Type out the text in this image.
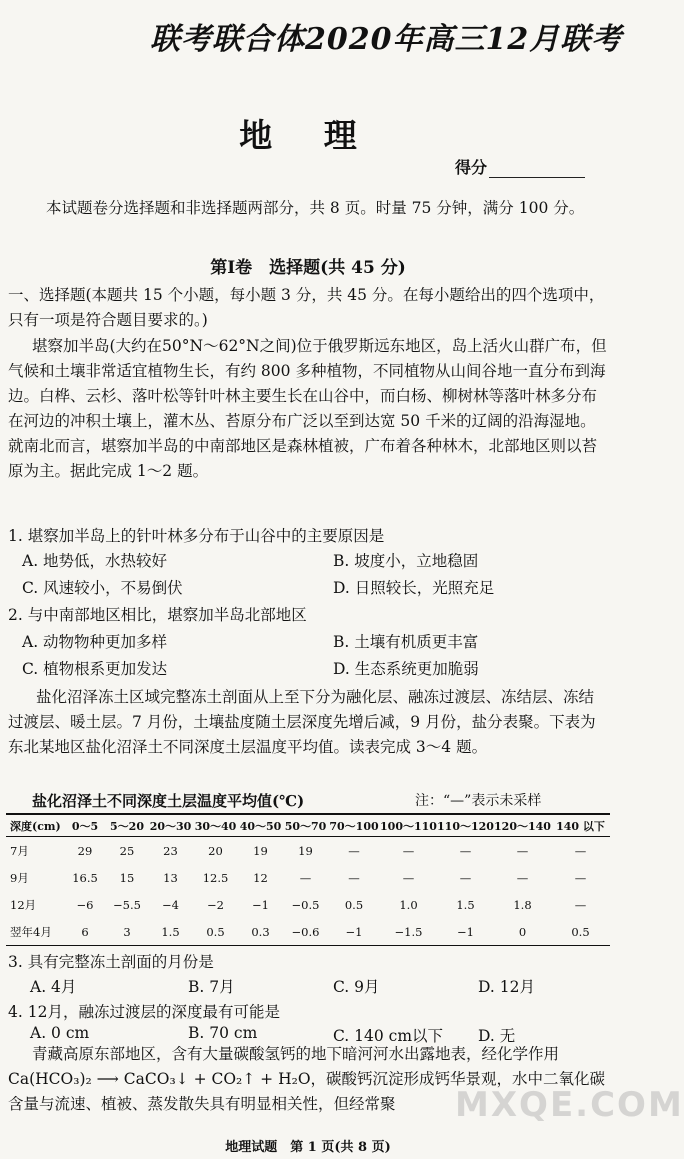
联考联合体2020年高三12月联考
地 理
得分
本试题卷分选择题和非选择题两部分，共 8 页。时量 75 分钟，满分 100 分。
第Ⅰ卷　选择题(共 45 分)
一、选择题(本题共 15 个小题，每小题 3 分，共 45 分。在每小题给出的四个选项中，只有一项是符合题目要求的。)
堪察加半岛(大约在50°N～62°N之间)位于俄罗斯远东地区，岛上活火山群广布，但气候和土壤非常适宜植物生长，有约 800 多种植物，不同植物从山间谷地一直分布到海边。白桦、云杉、落叶松等针叶林主要生长在山谷中，而白杨、柳树林等落叶林多分布在河边的冲积土壤上，灌木丛、苔原分布广泛以至到达宽 50 千米的辽阔的沿海湿地。就南北而言，堪察加半岛的中南部地区是森林植被，广布着各种林木，北部地区则以苔原为主。据此完成 1～2 题。
1. 堪察加半岛上的针叶林多分布于山谷中的主要原因是
A. 地势低，水热较好	B. 坡度小，立地稳固
C. 风速较小，不易倒伏	D. 日照较长，光照充足
2. 与中南部地区相比，堪察加半岛北部地区
A. 动物物种更加多样	B. 土壤有机质更丰富
C. 植物根系更加发达	D. 生态系统更加脆弱
盐化沼泽冻土区域完整冻土剖面从上至下分为融化层、融冻过渡层、冻结层、冻结过渡层、暖土层。7 月份，土壤盐度随土层深度先增后减，9 月份，盐分表聚。下表为东北某地区盐化沼泽土不同深度土层温度平均值。读表完成 3～4 题。
盐化沼泽土不同深度土层温度平均值(℃)	注：“—”表示未采样
深度(cm)	0～5	5～20	20～30	30～40	40～50	50～70	70～100	100～110	110～120	120～140	140 以下
7月	29	25	23	20	19	19	—	—	—	—	—
9月	16.5	15	13	12.5	12	—	—	—	—	—	—
12月	−6	−5.5	−4	−2	−1	−0.5	0.5	1.0	1.5	1.8	—
翌年4月	6	3	1.5	0.5	0.3	−0.6	−1	−1.5	−1	0	0.5
3. 具有完整冻土剖面的月份是
A. 4月	B. 7月	C. 9月	D. 12月
4. 12月，融冻过渡层的深度最有可能是
A. 0 cm	B. 70 cm	C. 140 cm以下 D. 无
青藏高原东部地区，含有大量碳酸氢钙的地下暗河河水出露地表，经化学作用 Ca(HCO₃)₂ ⟶ CaCO₃↓ + CO₂↑ + H₂O，碳酸钙沉淀形成钙华景观，水中二氧化碳含量与流速、植被、蒸发散失具有明显相关性，但经常聚	MXQE.COM
地理试题　第 1 页(共 8 页)
